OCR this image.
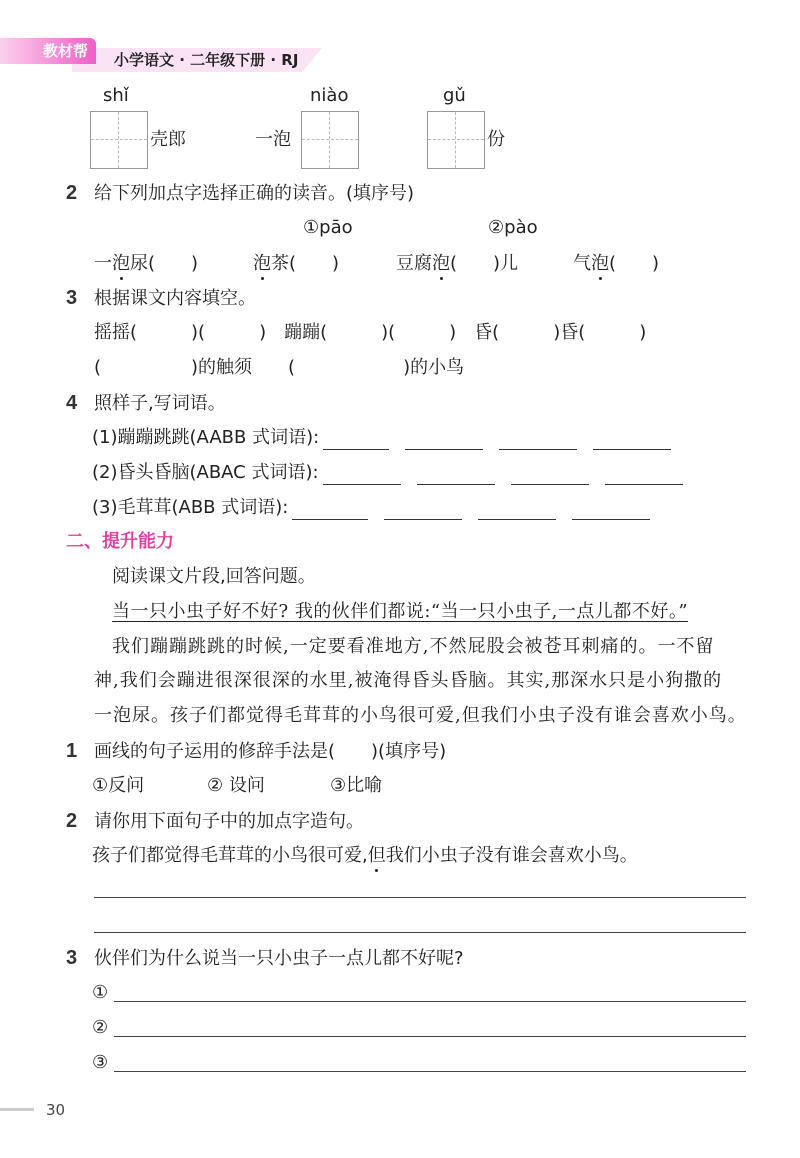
教材帮	小学语文 · 二年级下册 · RJ
shǐ
壳郎
niào
一泡
gǔ
份
2 给下列加点字选择正确的读音。(填序号)
①pāo	②pào
一泡尿(　　)	泡茶(　　)	豆腐泡(　　)儿	气泡(　　)
3 根据课文内容填空。
摇摇(　　　)(　　　)　蹦蹦(　　　)(　　　)　昏(　　　)昏(　　　)
(　　　　　)的触须　　(　　　　　　)的小鸟
4 照样子,写词语。
(1)蹦蹦跳跳(AABB 式词语):
(2)昏头昏脑(ABAC 式词语):
(3)毛茸茸(ABB 式词语):
二、提升能力
阅读课文片段,回答问题。
当一只小虫子好不好? 我的伙伴们都说:“当一只小虫子,一点儿都不好。”
我们蹦蹦跳跳的时候,一定要看准地方,不然屁股会被苍耳刺痛的。一不留
神,我们会蹦进很深很深的水里,被淹得昏头昏脑。其实,那深水只是小狗撒的
一泡尿。孩子们都觉得毛茸茸的小鸟很可爱,但我们小虫子没有谁会喜欢小鸟。
1 画线的句子运用的修辞手法是(　　)(填序号)
①反问	② 设问	③比喻
2 请你用下面句子中的加点字造句。
孩子们都觉得毛茸茸的小鸟很可爱,但我们小虫子没有谁会喜欢小鸟。
3 伙伴们为什么说当一只小虫子一点儿都不好呢?
①
②
③
30
